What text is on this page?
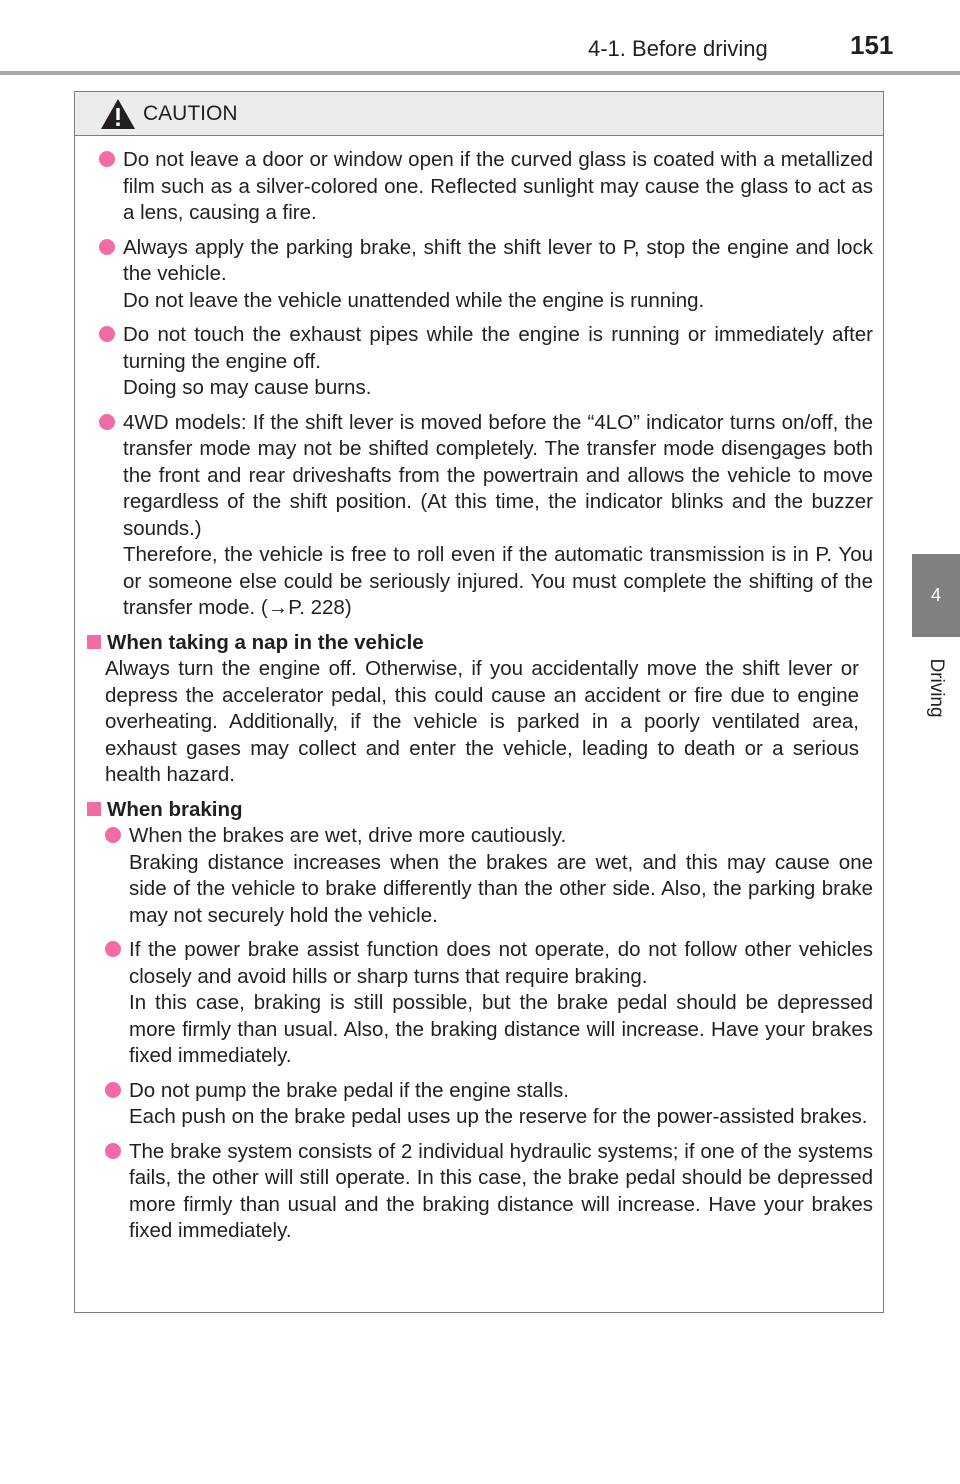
4-1. Before driving	151
4
Driving
CAUTION

Do not leave a door or window open if the curved glass is coated with a metallized film such as a silver-colored one. Reflected sunlight may cause the glass to act as a lens, causing a fire.

Always apply the parking brake, shift the shift lever to P, stop the engine and lock the vehicle.

Do not leave the vehicle unattended while the engine is running.

Do not touch the exhaust pipes while the engine is running or immediately after turning the engine off.

Doing so may cause burns.

4WD models: If the shift lever is moved before the “4LO” indicator turns on/off, the transfer mode may not be shifted completely. The transfer mode disengages both the front and rear driveshafts from the powertrain and allows the vehicle to move regardless of the shift position. (At this time, the indicator blinks and the buzzer sounds.)

Therefore, the vehicle is free to roll even if the automatic transmission is in P. You or someone else could be seriously injured. You must complete the shifting of the transfer mode. (→P. 228)

When taking a nap in the vehicle

Always turn the engine off. Otherwise, if you accidentally move the shift lever or depress the accelerator pedal, this could cause an accident or fire due to engine overheating. Additionally, if the vehicle is parked in a poorly ventilated area, exhaust gases may collect and enter the vehicle, leading to death or a serious health hazard.

When braking

When the brakes are wet, drive more cautiously.

Braking distance increases when the brakes are wet, and this may cause one side of the vehicle to brake differently than the other side. Also, the parking brake may not securely hold the vehicle.

If the power brake assist function does not operate, do not follow other vehicles closely and avoid hills or sharp turns that require braking.

In this case, braking is still possible, but the brake pedal should be depressed more firmly than usual. Also, the braking distance will increase. Have your brakes fixed immediately.

Do not pump the brake pedal if the engine stalls.

Each push on the brake pedal uses up the reserve for the power-assisted brakes.

The brake system consists of 2 individual hydraulic systems; if one of the systems fails, the other will still operate. In this case, the brake pedal should be depressed more firmly than usual and the braking distance will increase. Have your brakes fixed immediately.
